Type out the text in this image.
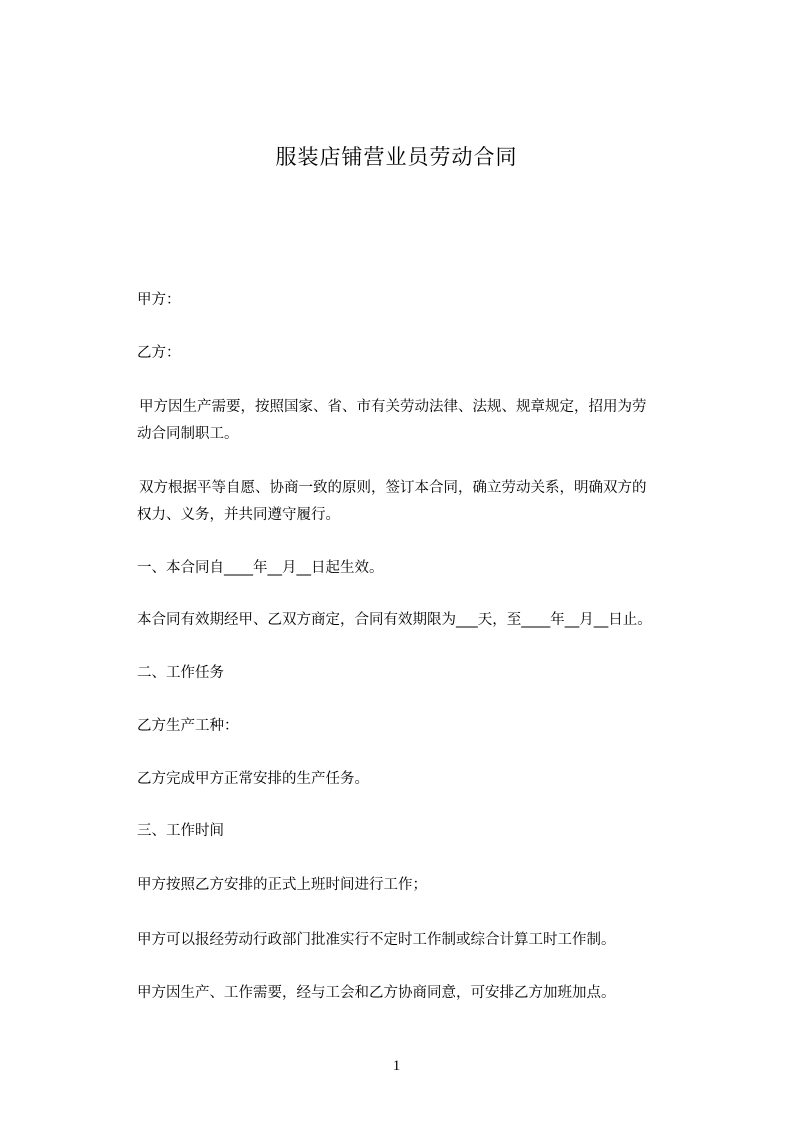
服装店铺营业员劳动合同

甲方：

乙方：

甲方因生产需要，按照国家、省、市有关劳动法律、法规、规章规定，招用为劳

动合同制职工。

双方根据平等自愿、协商一致的原则，签订本合同，确立劳动关系，明确双方的

权力、义务，并共同遵守履行。

一、本合同自____年__月__日起生效。

本合同有效期经甲、乙双方商定，合同有效期限为___天，至____年__月__日止。

二、工作任务

乙方生产工种：

乙方完成甲方正常安排的生产任务。

三、工作时间

甲方按照乙方安排的正式上班时间进行工作；

甲方可以报经劳动行政部门批准实行不定时工作制或综合计算工时工作制。

甲方因生产、工作需要，经与工会和乙方协商同意，可安排乙方加班加点。

1
